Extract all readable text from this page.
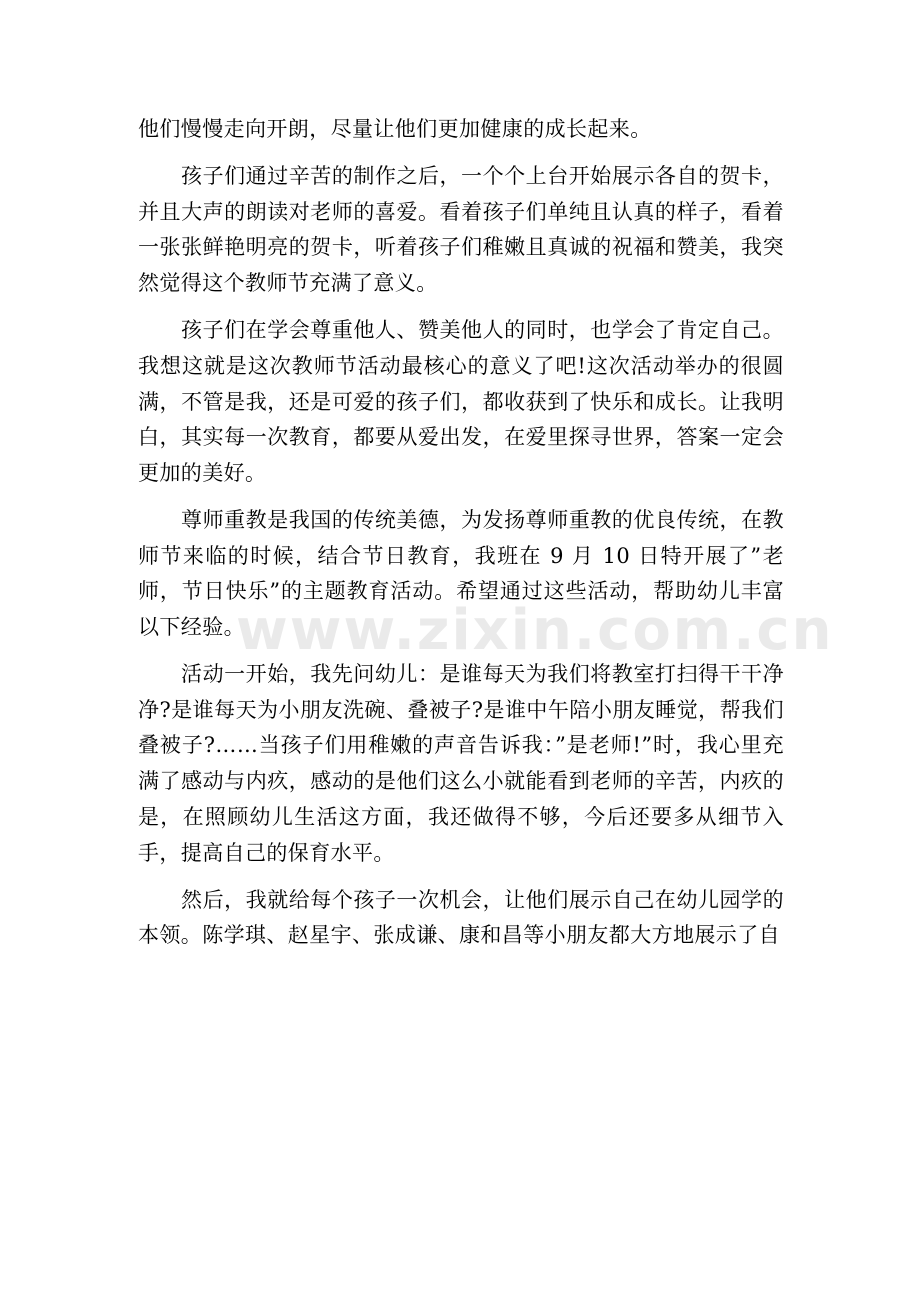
www.zixin.com.cn

他们慢慢走向开朗，尽量让他们更加健康的成长起来。

孩子们通过辛苦的制作之后，一个个上台开始展示各自的贺卡，并且大声的朗读对老师的喜爱。看着孩子们单纯且认真的样子，看着一张张鲜艳明亮的贺卡，听着孩子们稚嫩且真诚的祝福和赞美，我突然觉得这个教师节充满了意义。

孩子们在学会尊重他人、赞美他人的同时，也学会了肯定自己。我想这就是这次教师节活动最核心的意义了吧!这次活动举办的很圆满，不管是我，还是可爱的孩子们，都收获到了快乐和成长。让我明白，其实每一次教育，都要从爱出发，在爱里探寻世界，答案一定会更加的美好。

尊师重教是我国的传统美德，为发扬尊师重教的优良传统，在教师节来临的时候，结合节日教育，我班在 9 月 10 日特开展了”老师，节日快乐”的主题教育活动。希望通过这些活动，帮助幼儿丰富以下经验。

活动一开始，我先问幼儿：是谁每天为我们将教室打扫得干干净净?是谁每天为小朋友洗碗、叠被子?是谁中午陪小朋友睡觉，帮我们叠被子?……当孩子们用稚嫩的声音告诉我：”是老师!”时，我心里充满了感动与内疚，感动的是他们这么小就能看到老师的辛苦，内疚的是，在照顾幼儿生活这方面，我还做得不够，今后还要多从细节入手，提高自己的保育水平。

然后，我就给每个孩子一次机会，让他们展示自己在幼儿园学的本领。陈学琪、赵星宇、张成谦、康和昌等小朋友都大方地展示了自
